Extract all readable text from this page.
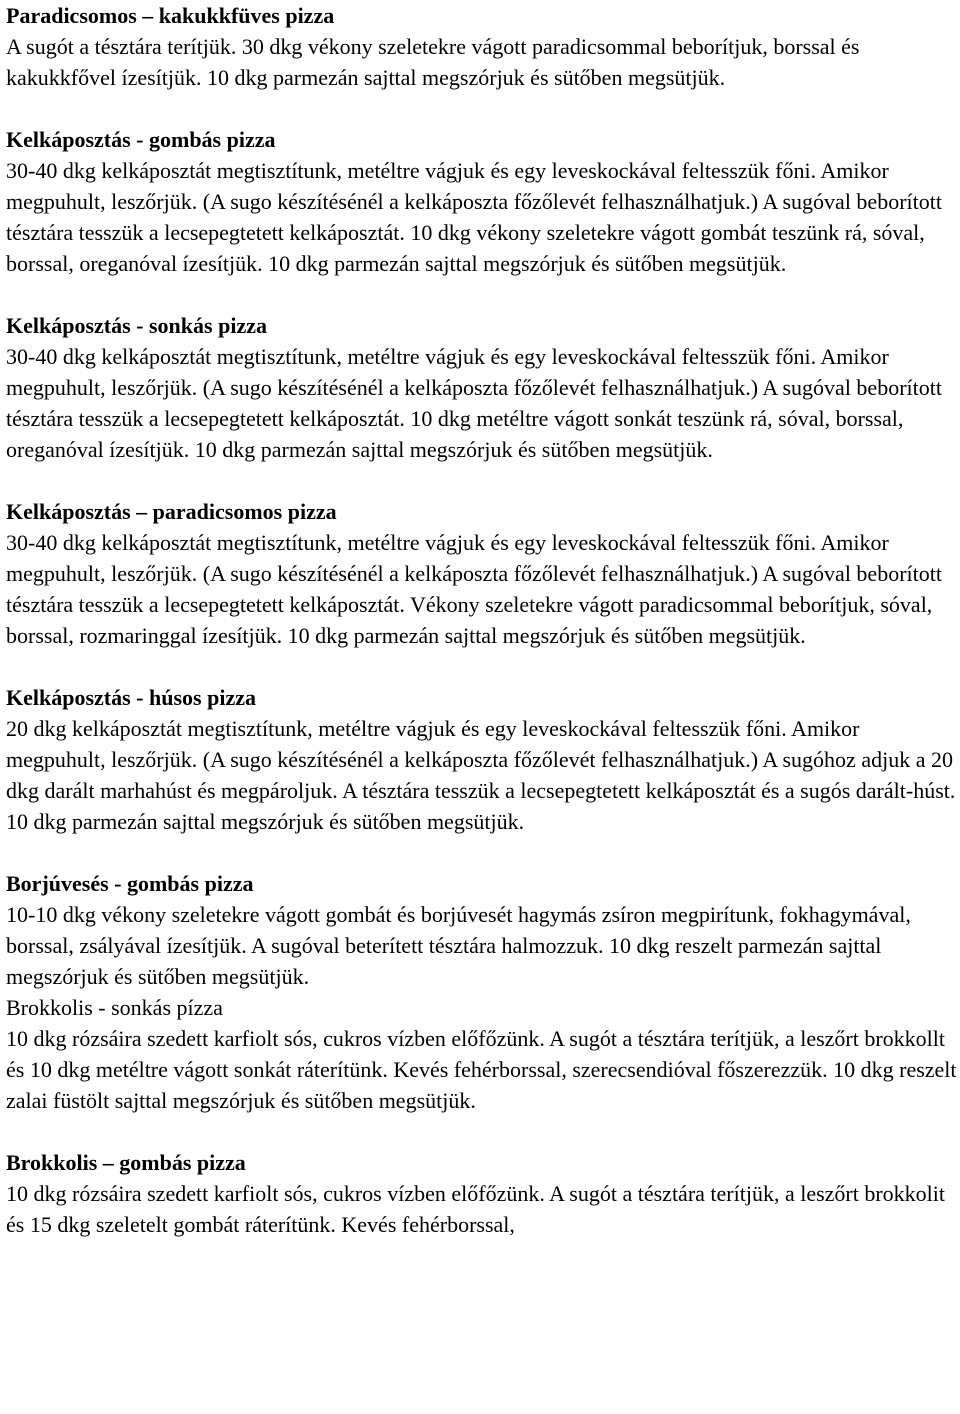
Paradicsomos – kakukkfüves pizza
A sugót a tésztára terítjük. 30 dkg vékony szeletekre vágott paradicsommal beborítjuk, borssal és kakukkfővel ízesítjük. 10 dkg parmezán sajttal megszórjuk és sütőben megsütjük.
Kelkáposztás - gombás pizza
30-40 dkg kelkáposztát megtisztítunk, metéltre vágjuk és egy leveskockával feltesszük főni. Amikor megpuhult, leszőrjük. (A sugo készítésénél a kelkáposzta főzőlevét felhasználhatjuk.) A sugóval beborított tésztára tesszük a lecsepegtetett kelkáposztát. 10 dkg vékony szeletekre vágott gombát teszünk rá, sóval, borssal, oreganóval ízesítjük. 10 dkg parmezán sajttal megszórjuk és sütőben megsütjük.
Kelkáposztás - sonkás pizza
30-40 dkg kelkáposztát megtisztítunk, metéltre vágjuk és egy leveskockával feltesszük főni. Amikor megpuhult, leszőrjük. (A sugo készítésénél a kelkáposzta főzőlevét felhasználhatjuk.) A sugóval beborított tésztára tesszük a lecsepegtetett kelkáposztát. 10 dkg metéltre vágott sonkát teszünk rá, sóval, borssal, oreganóval ízesítjük. 10 dkg parmezán sajttal megszórjuk és sütőben megsütjük.
Kelkáposztás – paradicsomos pizza
30-40 dkg kelkáposztát megtisztítunk, metéltre vágjuk és egy leveskockával feltesszük főni. Amikor megpuhult, leszőrjük. (A sugo készítésénél a kelkáposzta főzőlevét felhasználhatjuk.) A sugóval beborított tésztára tesszük a lecsepegtetett kelkáposztát. Vékony szeletekre vágott paradicsommal beborítjuk, sóval, borssal, rozmaringgal ízesítjük. 10 dkg parmezán sajttal megszórjuk és sütőben megsütjük.
Kelkáposztás - húsos pizza
20 dkg kelkáposztát megtisztítunk, metéltre vágjuk és egy leveskockával feltesszük főni. Amikor megpuhult, leszőrjük. (A sugo készítésénél a kelkáposzta főzőlevét felhasználhatjuk.) A sugóhoz adjuk a 20 dkg darált marhahúst és megpároljuk. A tésztára tesszük a lecsepegtetett kelkáposztát és a sugós darált-húst. 10 dkg parmezán sajttal megszórjuk és sütőben megsütjük.
Borjúvesés - gombás pizza
10-10 dkg vékony szeletekre vágott gombát és borjúvesét hagymás zsíron megpirítunk, fokhagymával, borssal, zsályával ízesítjük. A sugóval beterített tésztára halmozzuk. 10 dkg reszelt parmezán sajttal megszórjuk és sütőben megsütjük.
Brokkolis - sonkás pízza
10 dkg rózsáira szedett karfiolt sós, cukros vízben előfőzünk. A sugót a tésztára terítjük, a leszőrt brokkollt és 10 dkg metéltre vágott sonkát ráterítünk. Kevés fehérborssal, szerecsendióval főszerezzük. 10 dkg reszelt zalai füstölt sajttal megszórjuk és sütőben megsütjük.
Brokkolis – gombás pizza
10 dkg rózsáira szedett karfiolt sós, cukros vízben előfőzünk. A sugót a tésztára terítjük, a leszőrt brokkolit és 15 dkg szeletelt gombát ráterítünk. Kevés fehérborssal,
